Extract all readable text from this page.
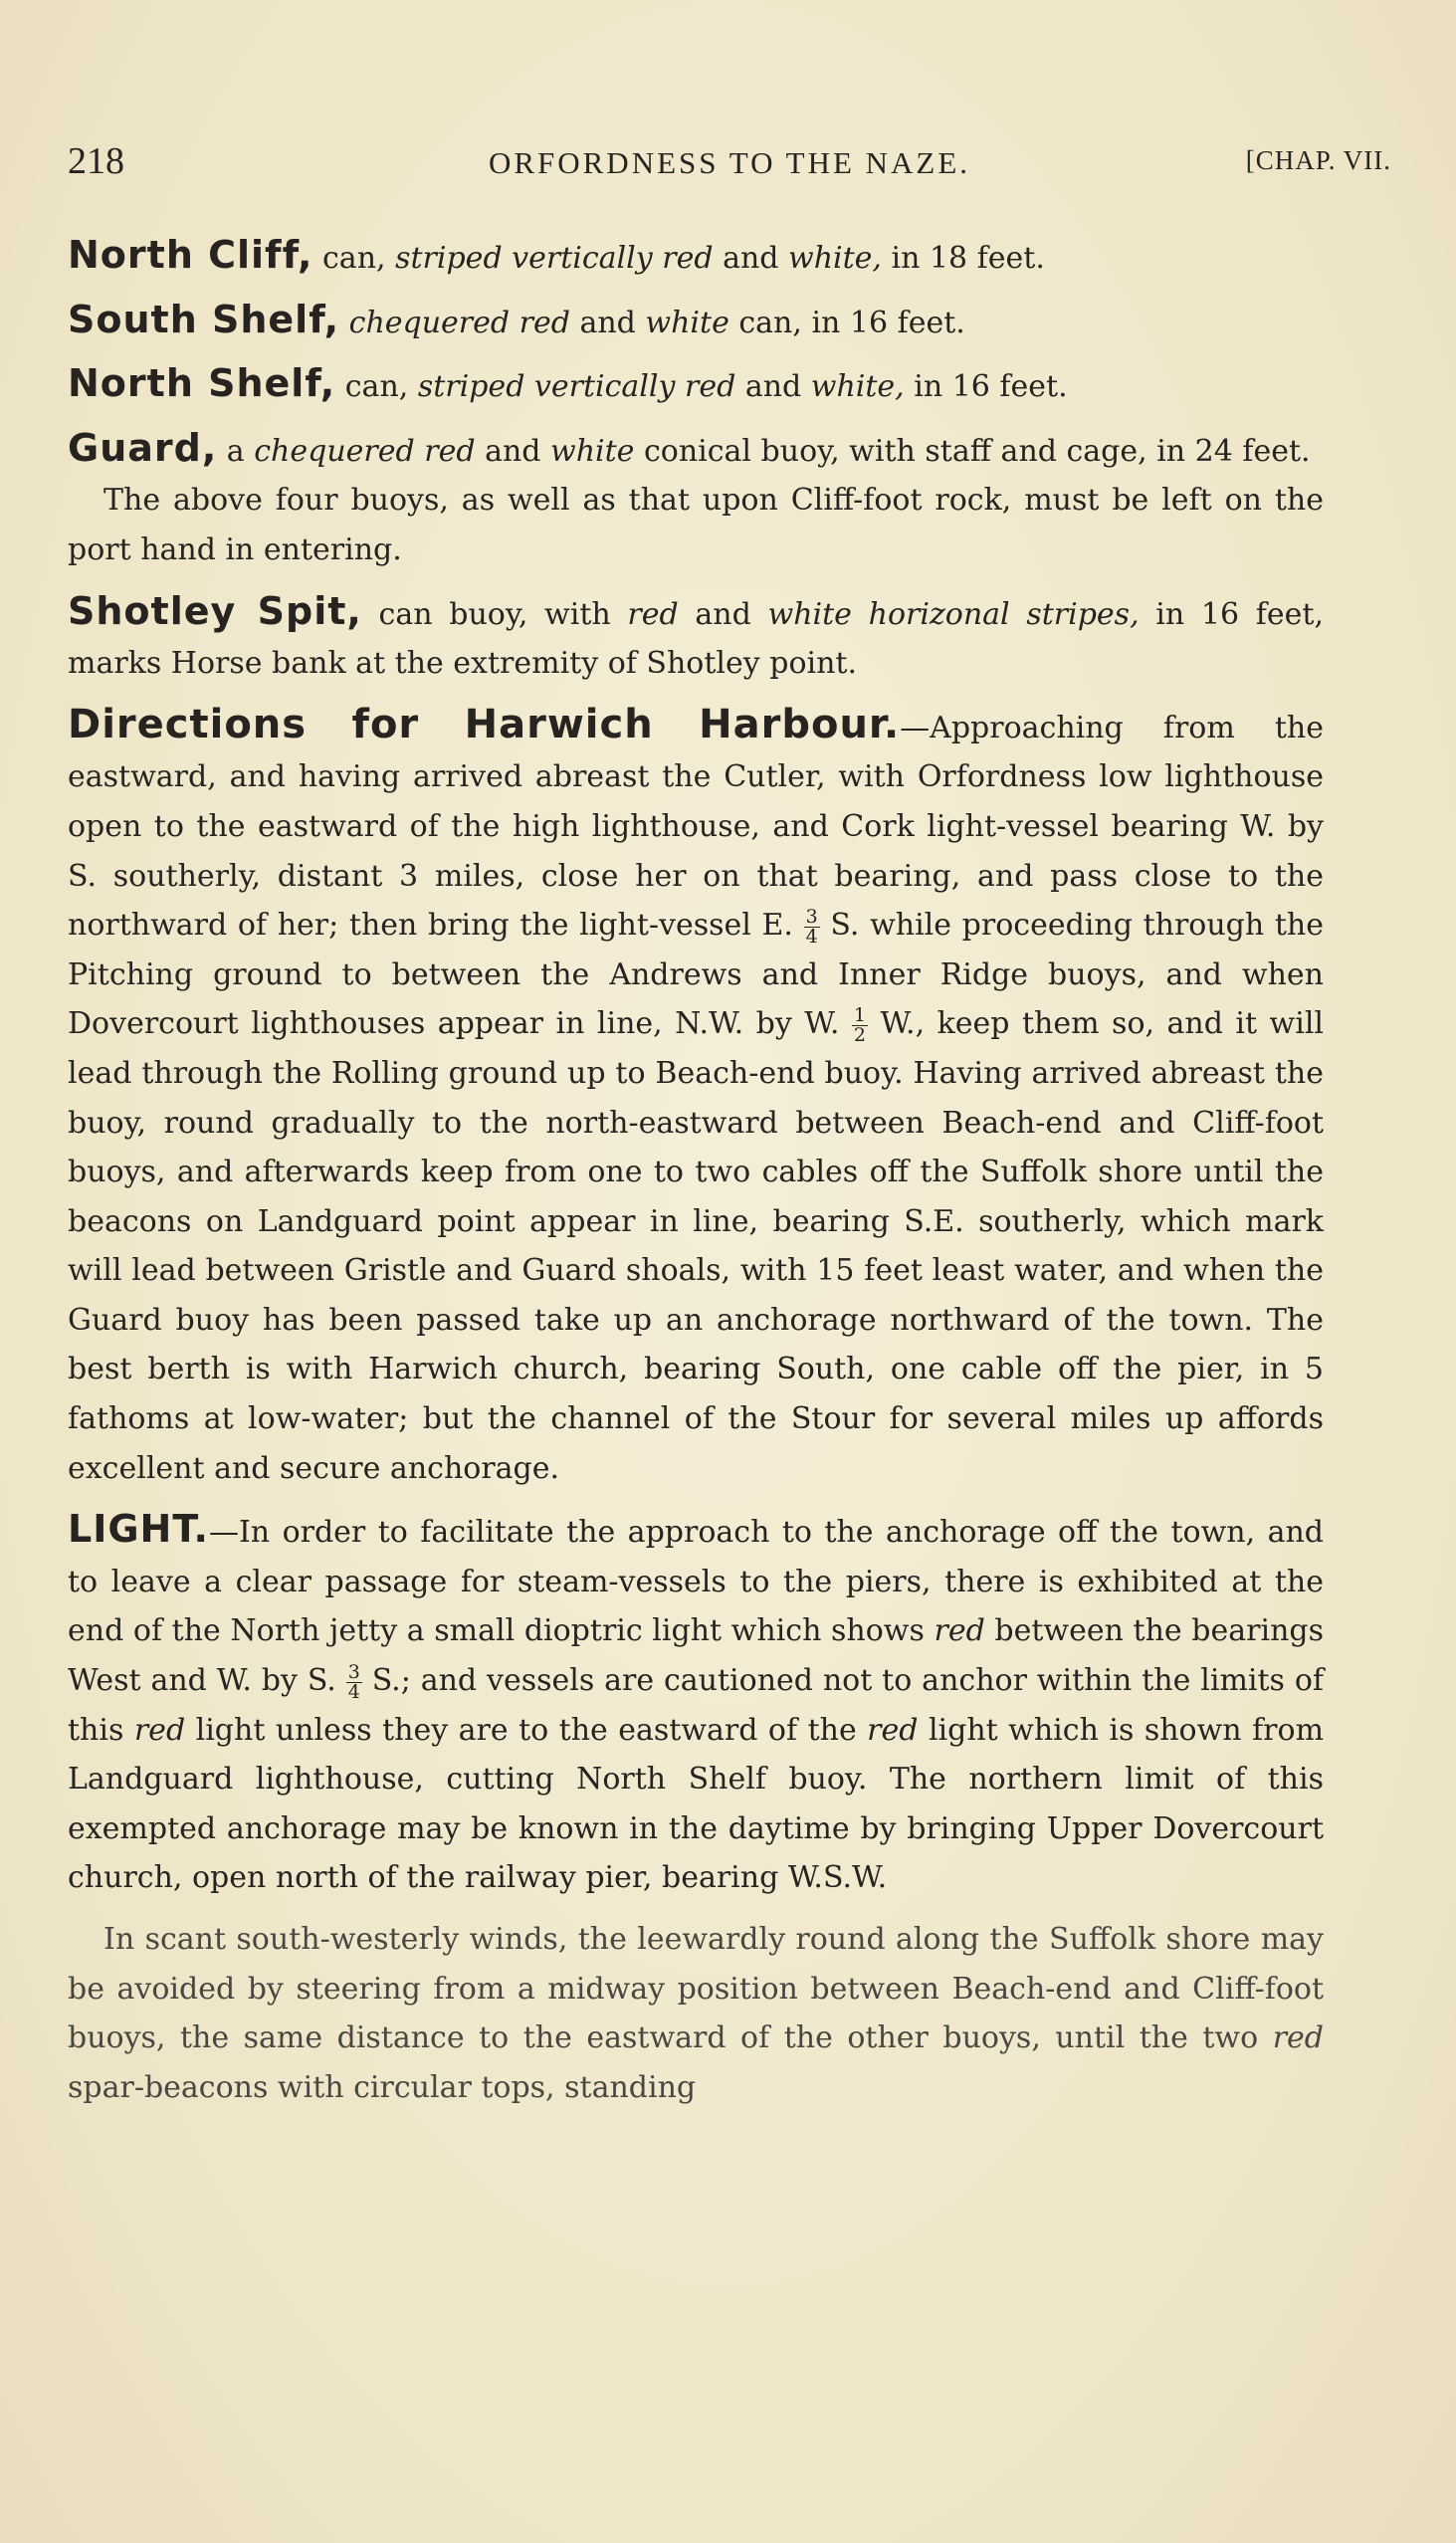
218	ORFORDNESS TO THE NAZE.	[CHAP. VII.

North Cliff, can, striped vertically red and white, in 18 feet.

South Shelf, chequered red and white can, in 16 feet.

North Shelf, can, striped vertically red and white, in 16 feet.

Guard, a chequered red and white conical buoy, with staff and cage, in 24 feet.

The above four buoys, as well as that upon Cliff-foot rock, must be left on the port hand in entering.

Shotley Spit, can buoy, with red and white horizonal stripes, in 16 feet, marks Horse bank at the extremity of Shotley point.

Directions for Harwich Harbour.—Approaching from the eastward, and having arrived abreast the Cutler, with Orfordness low lighthouse open to the eastward of the high lighthouse, and Cork light-vessel bearing W. by S. southerly, distant 3 miles, close her on that bearing, and pass close to the northward of her; then bring the light-vessel E. $\frac{3}{4} S$. while proceeding through the Pitching ground to between the Andrews and Inner Ridge buoys, and when Dovercourt lighthouses appear in line, N.W. by W. $\frac{1}{2} W$., keep them so, and it will lead through the Rolling ground up to Beach-end buoy. Having arrived abreast the buoy, round gradually to the north-eastward between Beach-end and Cliff-foot buoys, and afterwards keep from one to two cables off the Suffolk shore until the beacons on Landguard point appear in line, bearing S.E. southerly, which mark will lead between Gristle and Guard shoals, with 15 feet least water, and when the Guard buoy has been passed take up an anchorage northward of the town. The best berth is with Harwich church, bearing South, one cable off the pier, in 5 fathoms at low-water; but the channel of the Stour for several miles up affords excellent and secure anchorage.

LIGHT.—In order to facilitate the approach to the anchorage off the town, and to leave a clear passage for steam-vessels to the piers, there is exhibited at the end of the North jetty a small dioptric light which shows red between the bearings West and W. by S. $\frac{3}{4} S$.; and vessels are cautioned not to anchor within the limits of this red light unless they are to the eastward of the red light which is shown from Landguard lighthouse, cutting North Shelf buoy. The northern limit of this exempted anchorage may be known in the daytime by bringing Upper Dovercourt church, open north of the railway pier, bearing W.S.W.

In scant south-westerly winds, the leewardly round along the Suffolk shore may be avoided by steering from a midway position between Beach-end and Cliff-foot buoys, the same distance to the eastward of the other buoys, until the two red spar-beacons with circular tops, standing
